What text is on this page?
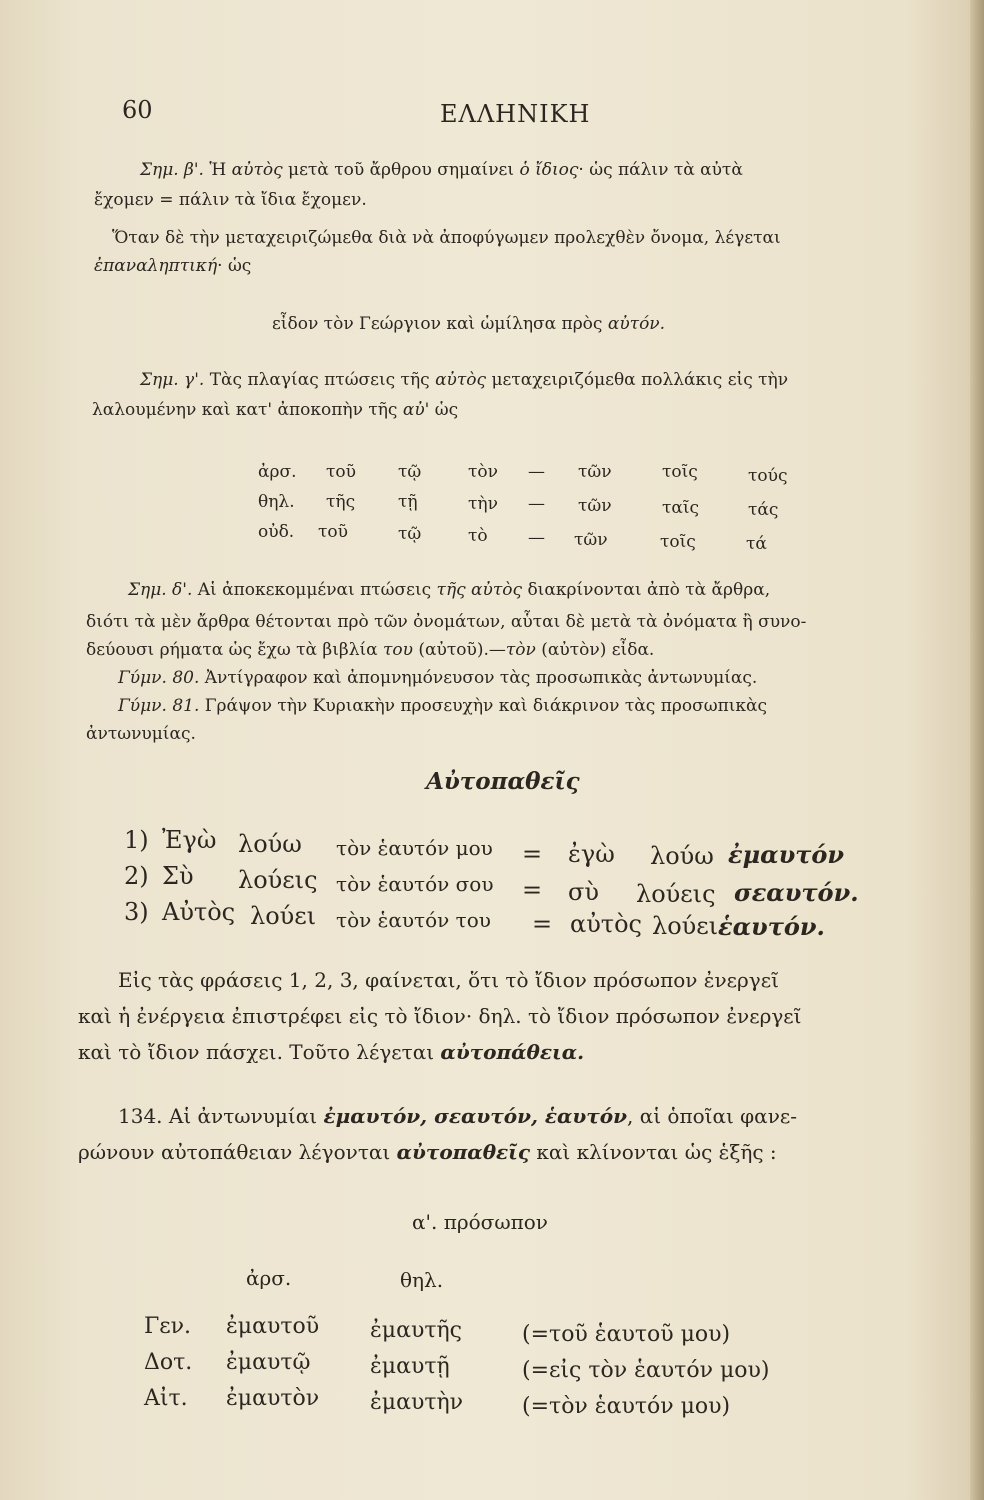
60	ΕΛΛΗΝΙΚΗ
Σημ. β'. Ἡ αὐτὸς μετὰ τοῦ ἄρθρου σημαίνει ὁ ἴδιος· ὡς πάλιν τὰ αὐτὰ
ἔχομεν = πάλιν τὰ ἴδια ἔχομεν.
Ὅταν δὲ τὴν μεταχειριζώμεθα διὰ νὰ ἀποφύγωμεν προλεχθὲν ὄνομα, λέγεται
ἐπαναληπτική· ὡς
εἶδον τὸν Γεώργιον καὶ ὡμίλησα πρὸς αὐτόν.
Σημ. γ'. Τὰς πλαγίας πτώσεις τῆς αὐτὸς μεταχειριζόμεθα πολλάκις εἰς τὴν
λαλουμένην καὶ κατ' ἀποκοπὴν τῆς αὐ' ὡς
ἀρσ. τοῦ τῷ	τὸν — τῶν	τοῖς	τούς
θηλ. τῆς	τῇ	τὴν — τῶν	ταῖς	τάς
οὐδ. τοῦ	τῷ	τὸ — τῶν	τοῖς	τά
Σημ. δ'. Αἱ ἀποκεκομμέναι πτώσεις τῆς αὐτὸς διακρίνονται ἀπὸ τὰ ἄρθρα,
διότι τὰ μὲν ἄρθρα θέτονται πρὸ τῶν ὀνομάτων, αὗται δὲ μετὰ τὰ ὀνόματα ἢ συνο-
δεύουσι ρήματα ὡς ἔχω τὰ βιβλία του (αὐτοῦ).—τὸν (αὐτὸν) εἶδα.
Γύμν. 80. Ἀντίγραφον καὶ ἀπομνημόνευσον τὰς προσωπικὰς ἀντωνυμίας.
Γύμν. 81. Γράψον τὴν Κυριακὴν προσευχὴν καὶ διάκρινον τὰς προσωπικὰς
ἀντωνυμίας.
Αὐτοπαθεῖς
1) Ἐγὼ λούω τὸν ἑαυτόν μου = ἐγὼ λούω ἐμαυτόν
2) Σὺ λούεις τὸν ἑαυτόν σου = σὺ λούεις σεαυτόν.
3) Αὐτὸς λούει τὸν ἑαυτόν του = αὐτὸς λούει ἑαυτόν.
Εἰς τὰς φράσεις 1, 2, 3, φαίνεται, ὅτι τὸ ἴδιον πρόσωπον ἐνεργεῖ
καὶ ἡ ἐνέργεια ἐπιστρέφει εἰς τὸ ἴδιον· δηλ. τὸ ἴδιον πρόσωπον ἐνεργεῖ
καὶ τὸ ἴδιον πάσχει. Τοῦτο λέγεται αὐτοπάθεια.
134. Αἱ ἀντωνυμίαι ἐμαυτόν, σεαυτόν, ἑαυτόν, αἱ ὁποῖαι φανε-
ρώνουν αὐτοπάθειαν λέγονται αὐτοπαθεῖς καὶ κλίνονται ὡς ἑξῆς :
α'. πρόσωπον
ἀρσ.	θηλ.
Γεν. ἐμαυτοῦ ἐμαυτῆς	(=τοῦ ἑαυτοῦ μου)
Δοτ. ἐμαυτῷ	ἐμαυτῇ	(=εἰς τὸν ἑαυτόν μου)
Αἰτ. ἐμαυτὸν ἐμαυτὴν	(=τὸν ἑαυτόν μου)
